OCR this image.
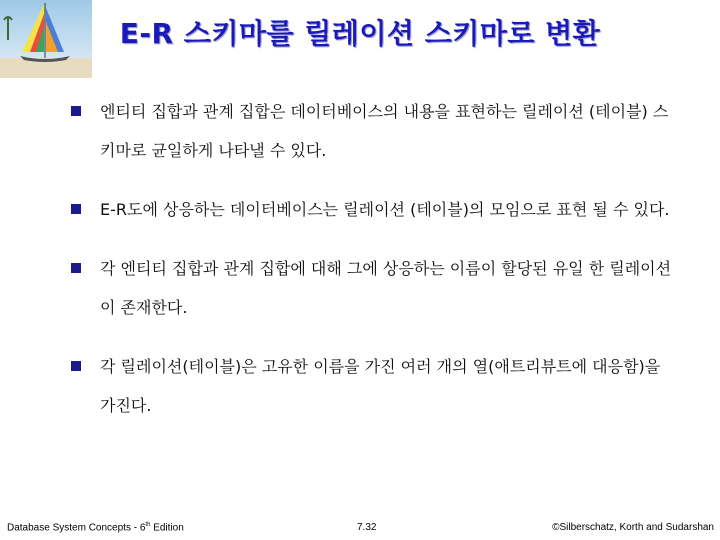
E-R 스키마를 릴레이션 스키마로 변환
엔티티 집합과 관계 집합은 데이터베이스의 내용을 표현하는 릴레이션 (테이블) 스키마로 균일하게 나타낼 수 있다.
E-R도에 상응하는 데이터베이스는 릴레이션 (테이블)의 모임으로 표현 될 수 있다.
각 엔티티 집합과 관계 집합에 대해 그에 상응하는 이름이 할당된 유일 한 릴레이션이 존재한다.
각 릴레이션(테이블)은 고유한 이름을 가진 여러 개의 열(애트리뷰트에 대응함)을 가진다.
Database System Concepts - 6th Edition	7.32	©Silberschatz, Korth and Sudarshan
